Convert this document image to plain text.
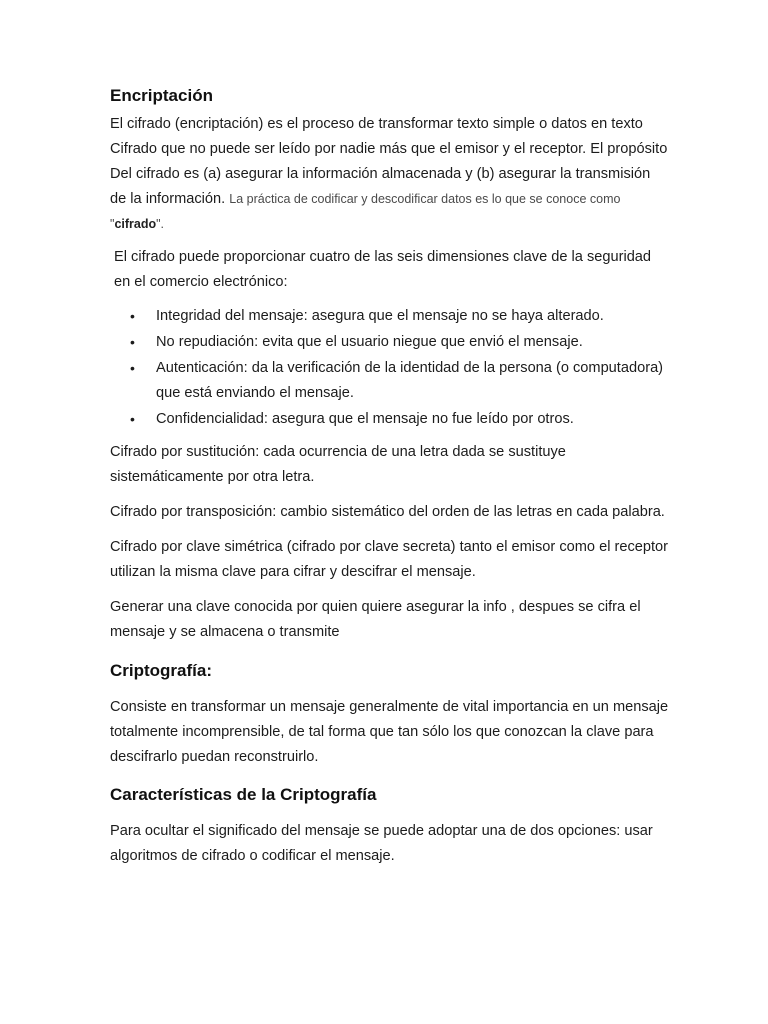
Encriptación

El cifrado (encriptación) es el proceso de transformar texto simple o datos en texto Cifrado que no puede ser leído por nadie más que el emisor y el receptor. El propósito Del cifrado es (a) asegurar la información almacenada y (b) asegurar la transmisión de la información. La práctica de codificar y descodificar datos es lo que se conoce como "cifrado".

El cifrado puede proporcionar cuatro de las seis dimensiones clave de la seguridad en el comercio electrónico:

• Integridad del mensaje: asegura que el mensaje no se haya alterado.
• No repudiación: evita que el usuario niegue que envió el mensaje.
• Autenticación: da la verificación de la identidad de la persona (o computadora) que está enviando el mensaje.
• Confidencialidad: asegura que el mensaje no fue leído por otros.

Cifrado por sustitución: cada ocurrencia de una letra dada se sustituye sistemáticamente por otra letra.

Cifrado por transposición: cambio sistemático del orden de las letras en cada palabra.

Cifrado por clave simétrica (cifrado por clave secreta) tanto el emisor como el receptor utilizan la misma clave para cifrar y descifrar el mensaje.

Generar una clave conocida por quien quiere asegurar la info , despues se cifra el mensaje y se almacena o transmite

Criptografía:

Consiste en transformar un mensaje generalmente de vital importancia en un mensaje totalmente incomprensible, de tal forma que tan sólo los que conozcan la clave para descifrarlo puedan reconstruirlo.

Características de la Criptografía

Para ocultar el significado del mensaje se puede adoptar una de dos opciones: usar algoritmos de cifrado o codificar el mensaje.
